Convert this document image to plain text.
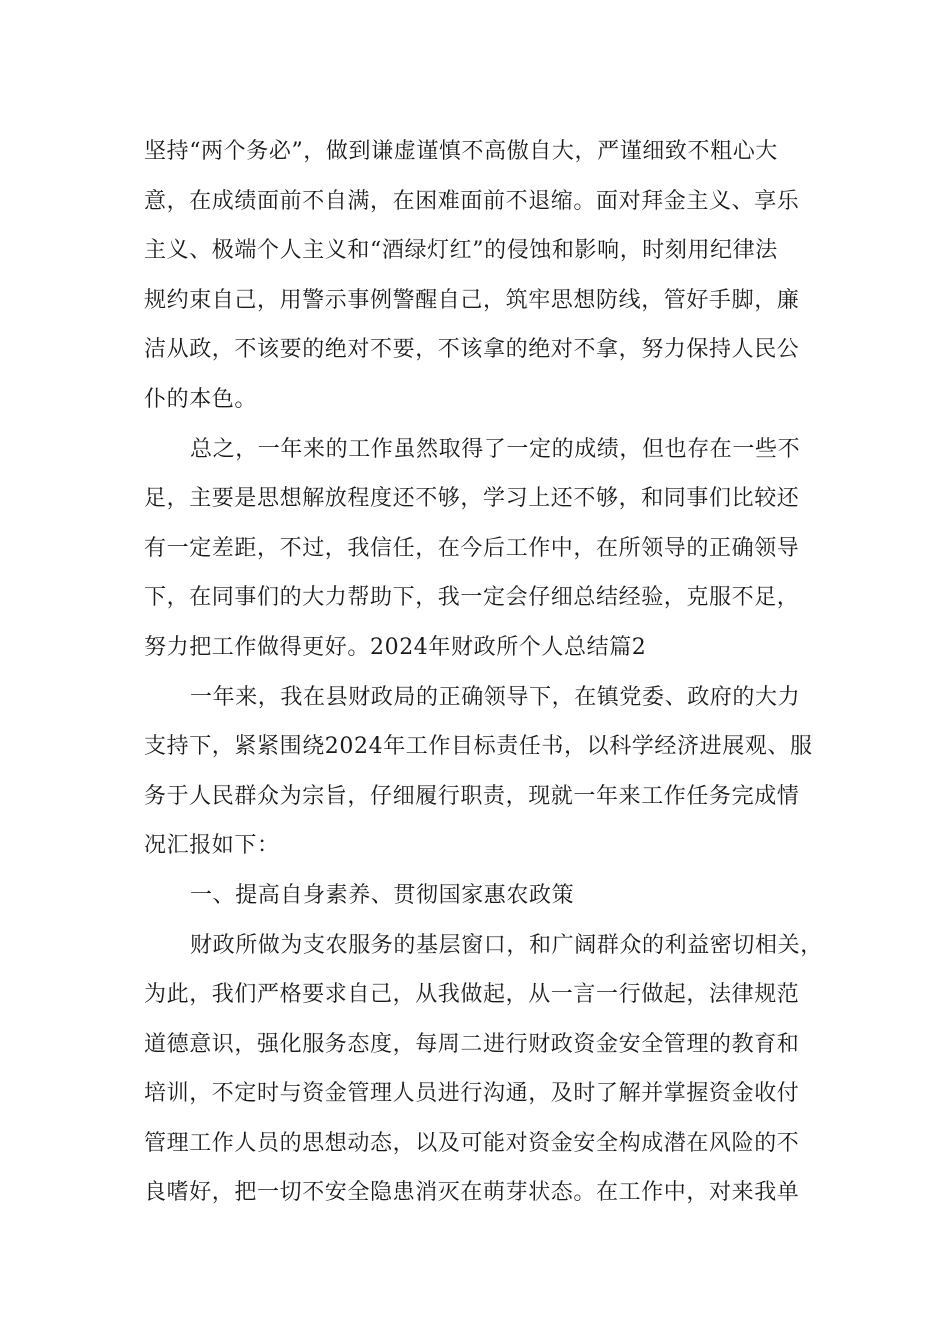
坚持“两个务必”，做到谦虚谨慎不高傲自大，严谨细致不粗心大
意，在成绩面前不自满，在困难面前不退缩。面对拜金主义、享乐
主义、极端个人主义和“酒绿灯红”的侵蚀和影响，时刻用纪律法
规约束自己，用警示事例警醒自己，筑牢思想防线，管好手脚，廉
洁从政，不该要的绝对不要，不该拿的绝对不拿，努力保持人民公
仆的本色。
总之，一年来的工作虽然取得了一定的成绩，但也存在一些不
足，主要是思想解放程度还不够，学习上还不够，和同事们比较还
有一定差距，不过，我信任，在今后工作中，在所领导的正确领导
下，在同事们的大力帮助下，我一定会仔细总结经验，克服不足，
努力把工作做得更好。2024年财政所个人总结篇2
一年来，我在县财政局的正确领导下，在镇党委、政府的大力
支持下，紧紧围绕2024年工作目标责任书，以科学经济进展观、服
务于人民群众为宗旨，仔细履行职责，现就一年来工作任务完成情
况汇报如下：
一、提高自身素养、贯彻国家惠农政策
财政所做为支农服务的基层窗口，和广阔群众的利益密切相关，
为此，我们严格要求自己，从我做起，从一言一行做起，法律规范
道德意识，强化服务态度，每周二进行财政资金安全管理的教育和
培训，不定时与资金管理人员进行沟通，及时了解并掌握资金收付
管理工作人员的思想动态，以及可能对资金安全构成潜在风险的不
良嗜好，把一切不安全隐患消灭在萌芽状态。在工作中，对来我单
